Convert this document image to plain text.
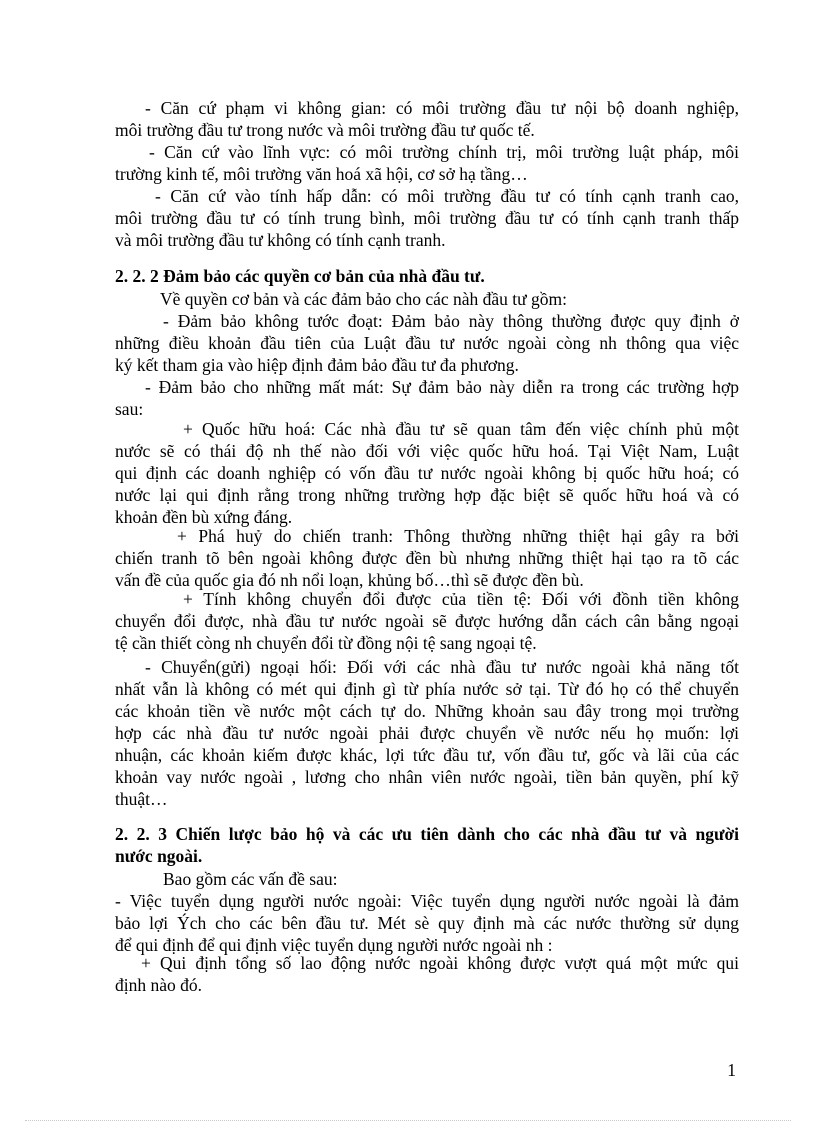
- Căn cứ phạm vi không gian: có môi trường đầu tư nội bộ doanh nghiệp,
môi trường đầu tư trong nước và môi trường đầu tư quốc tế.
- Căn cứ vào lĩnh vực: có môi trường chính trị, môi trường luật pháp, môi
trường kinh tế, môi trường văn hoá xã hội, cơ sở hạ tầng…
- Căn cứ vào tính hấp dẫn: có môi trường đầu tư có tính cạnh tranh cao,
môi trường đầu tư có tính trung bình, môi trường đầu tư có tính cạnh tranh thấp
và môi trường đầu tư không có tính cạnh tranh.
2. 2. 2 Đảm bảo các quyền cơ bản của nhà đầu tư.
Về quyền cơ bản và các đảm bảo cho các nàh đầu tư gồm:
- Đảm bảo không tước đoạt: Đảm bảo này thông thường được quy định ở
những điều khoản đầu tiên của Luật đầu tư nước ngoài còng nh thông qua việc
ký kết tham gia vào hiệp định đảm bảo đầu tư đa phương.
- Đảm bảo cho những mất mát: Sự đảm bảo này diễn ra trong các trường hợp
sau:
+ Quốc hữu hoá: Các nhà đầu tư sẽ quan tâm đến việc chính phủ một
nước sẽ có thái độ nh thế nào đối với việc quốc hữu hoá. Tại Việt Nam, Luật
qui định các doanh nghiệp có vốn đầu tư nước ngoài không bị quốc hữu hoá; có
nước lại qui định rằng trong những trường hợp đặc biệt sẽ quốc hữu hoá và có
khoản đền bù xứng đáng.
+ Phá huỷ do chiến tranh: Thông thường những thiệt hại gây ra bởi
chiến tranh tõ bên ngoài không được đền bù nhưng những thiệt hại tạo ra tõ các
vấn đề của quốc gia đó nh nổi loạn, khủng bố…thì sẽ được đền bù.
+ Tính không chuyển đổi được của tiền tệ: Đối với đồnh tiền không
chuyển đổi được, nhà đầu tư nước ngoài sẽ được hướng dẫn cách cân bằng ngoại
tệ cần thiết còng nh chuyển đổi từ đồng nội tệ sang ngoại tệ.
- Chuyển(gửi) ngoại hối: Đối với các nhà đầu tư nước ngoài khả năng tốt
nhất vẫn là không có mét qui định gì từ phía nước sở tại. Từ đó họ có thể chuyển
các khoản tiền về nước một cách tự do. Những khoản sau đây trong mọi trường
hợp các nhà đầu tư nước ngoài phải được chuyển về nước nếu họ muốn: lợi
nhuận, các khoản kiếm được khác, lợi tức đầu tư, vốn đầu tư, gốc và lãi của các
khoản vay nước ngoài , lương cho nhân viên nước ngoài, tiền bản quyền, phí kỹ
thuật…
2. 2. 3 Chiến lược bảo hộ và các ưu tiên dành cho các nhà đầu tư và người
nước ngoài.
Bao gồm các vấn đề sau:
- Việc tuyển dụng người nước ngoài: Việc tuyển dụng người nước ngoài là đảm
bảo lợi Ých cho các bên đầu tư. Mét sè quy định mà các nước thường sử dụng
để qui định để qui định việc tuyển dụng người nước ngoài nh :
+ Qui định tổng số lao động nước ngoài không được vượt quá một mức qui
định nào đó.
1
